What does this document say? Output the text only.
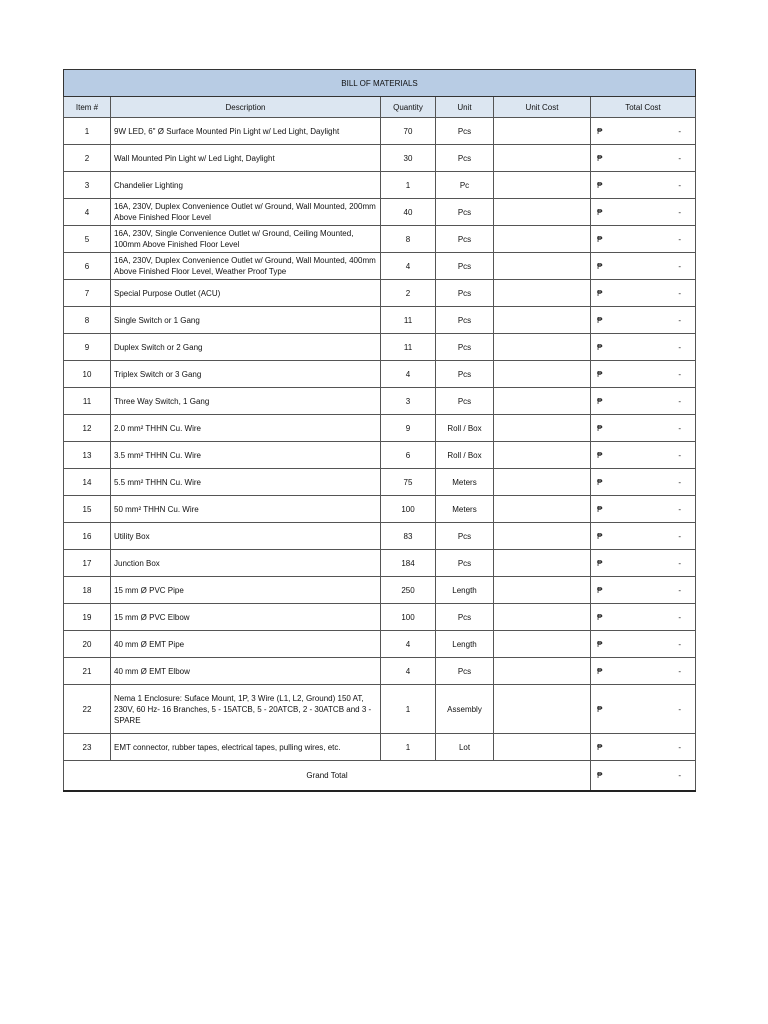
BILL OF MATERIALS					
Item #	Description	Quantity	Unit	Unit Cost	Total Cost
1	9W LED, 6" Ø Surface Mounted Pin Light w/ Led Light, Daylight	70	Pcs		₱ -

2	Wall Mounted Pin Light w/ Led Light, Daylight	30	Pcs		₱ -

3	Chandelier Lighting	1	Pc		₱ -

4	16A, 230V, Duplex Convenience Outlet w/ Ground, Wall Mounted, 200mm Above Finished Floor Level	40	Pcs		₱ -

5	16A, 230V, Single Convenience Outlet w/ Ground, Ceiling Mounted, 100mm Above Finished Floor Level	8	Pcs		₱ -

6	16A, 230V, Duplex Convenience Outlet w/ Ground, Wall Mounted, 400mm Above Finished Floor Level, Weather Proof Type	4	Pcs		₱ -

7	Special Purpose Outlet (ACU)	2	Pcs		₱ -

8	Single Switch or 1 Gang	11	Pcs		₱ -

9	Duplex Switch or 2 Gang	11	Pcs		₱ -

10	Triplex Switch or 3 Gang	4	Pcs		₱ -

11	Three Way Switch, 1 Gang	3	Pcs		₱ -

12	2.0 mm² THHN Cu. Wire	9	Roll / Box		₱ -

13	3.5 mm² THHN Cu. Wire	6	Roll / Box		₱ -

14	5.5 mm² THHN Cu. Wire	75	Meters		₱ -

15	50 mm² THHN Cu. Wire	100	Meters		₱ -

16	Utility Box	83	Pcs		₱ -

17	Junction Box	184	Pcs		₱ -

18	15 mm Ø PVC Pipe	250	Length		₱ -

19	15 mm Ø PVC Elbow	100	Pcs		₱ -

20	40 mm Ø EMT Pipe	4	Length		₱ -

21	40 mm Ø EMT Elbow	4	Pcs		₱ -

22	Nema 1 Enclosure: Suface Mount, 1P, 3 Wire (L1, L2, Ground) 150 AT, 230V, 60 Hz- 16 Branches, 5 - 15ATCB, 5 - 20ATCB, 2 - 30ATCB and 3 - SPARE	1	Assembly		₱ -

23	EMT connector, rubber tapes, electrical tapes, pulling wires, etc.	1	Lot		₱ -

Grand Total					₱ -
